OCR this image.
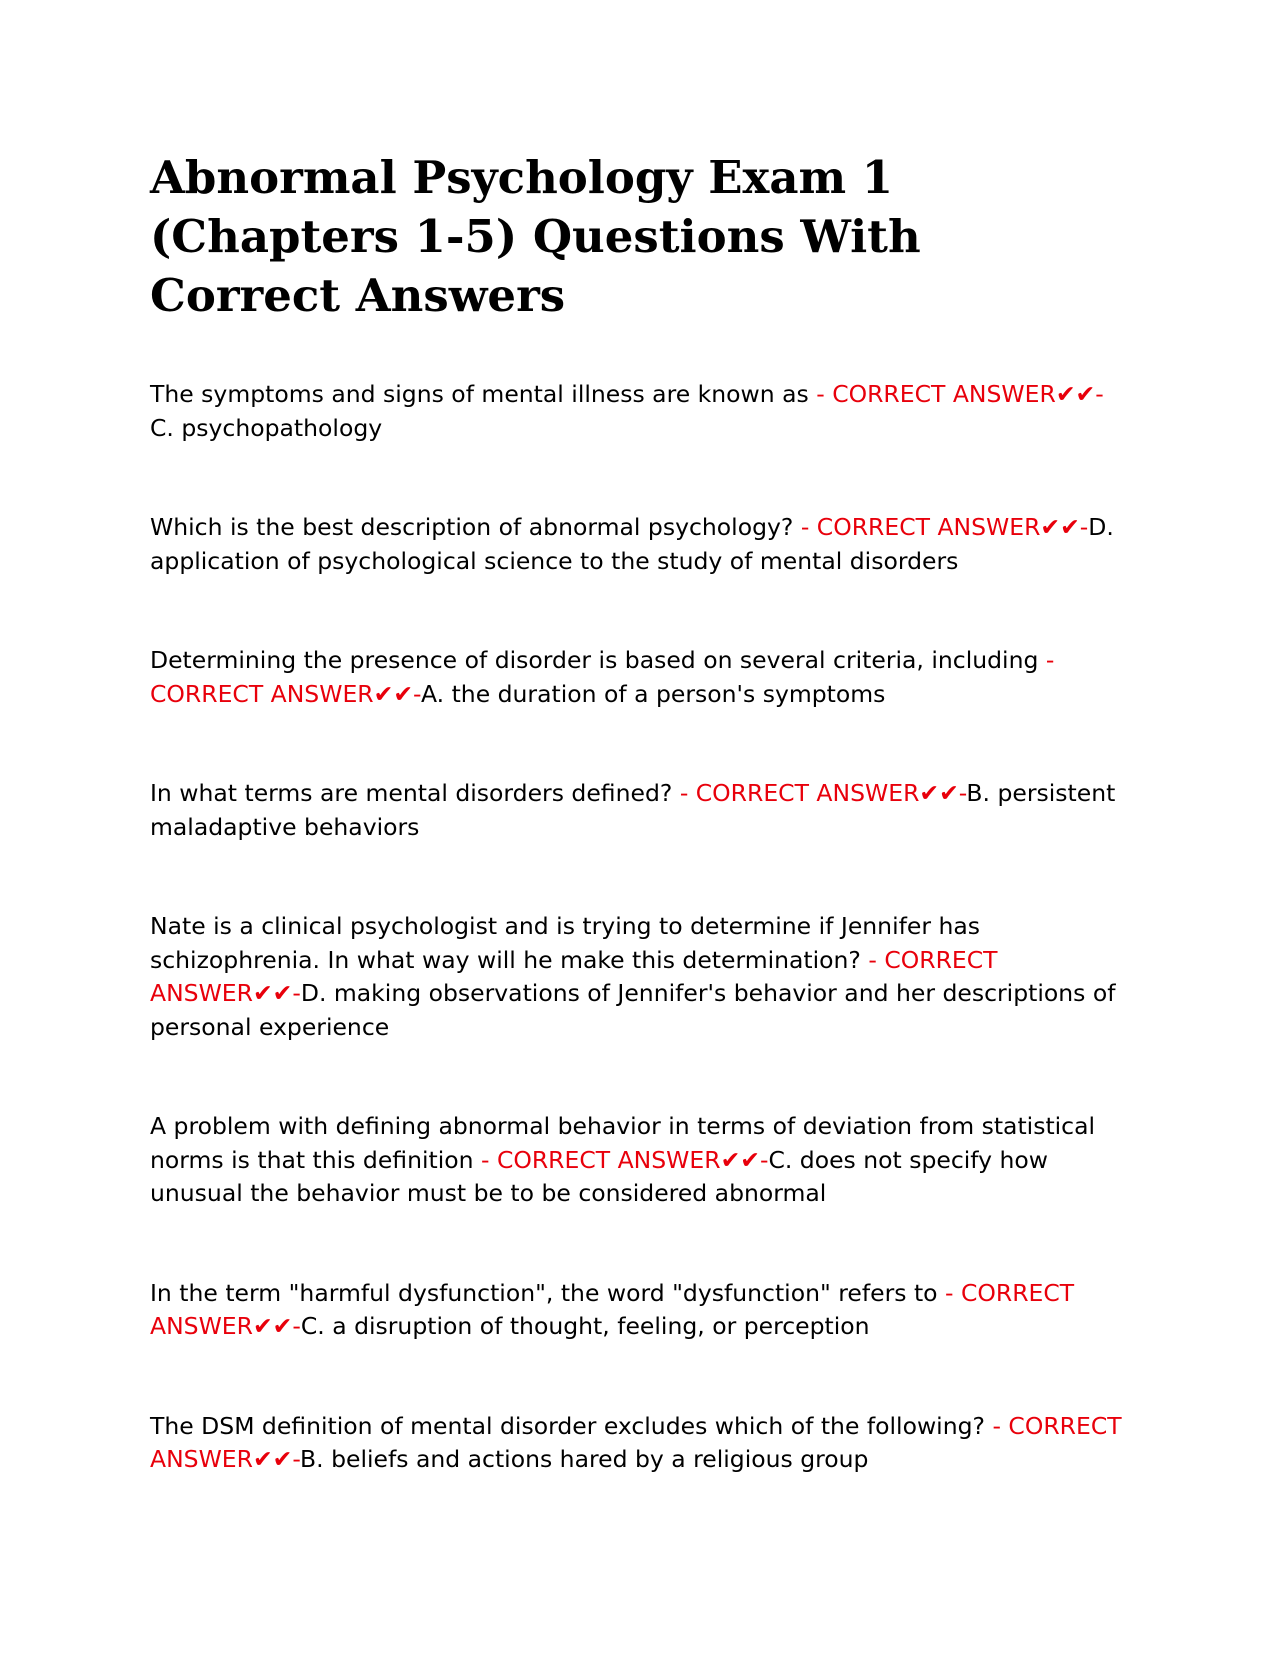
Abnormal Psychology Exam 1 (Chapters 1-5) Questions With Correct Answers

The symptoms and signs of mental illness are known as - CORRECT ANSWER✔✔-C. psychopathology

Which is the best description of abnormal psychology? - CORRECT ANSWER✔✔-D. application of psychological science to the study of mental disorders

Determining the presence of disorder is based on several criteria, including - CORRECT ANSWER✔✔-A. the duration of a person's symptoms

In what terms are mental disorders defined? - CORRECT ANSWER✔✔-B. persistent maladaptive behaviors

Nate is a clinical psychologist and is trying to determine if Jennifer has schizophrenia. In what way will he make this determination? - CORRECT ANSWER✔✔-D. making observations of Jennifer's behavior and her descriptions of personal experience

A problem with defining abnormal behavior in terms of deviation from statistical norms is that this definition - CORRECT ANSWER✔✔-C. does not specify how unusual the behavior must be to be considered abnormal

In the term "harmful dysfunction", the word "dysfunction" refers to - CORRECT ANSWER✔✔-C. a disruption of thought, feeling, or perception

The DSM definition of mental disorder excludes which of the following? - CORRECT ANSWER✔✔-B. beliefs and actions hared by a religious group
